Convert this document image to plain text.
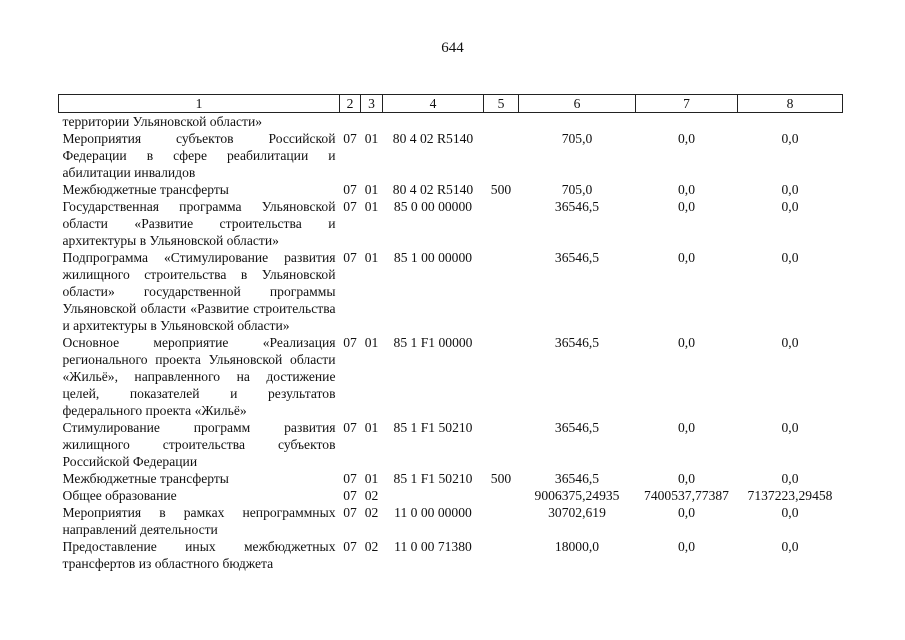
644
1	2	3	4	5	6	7	8
территории Ульяновской области»							
Мероприятия субъектов Российской Федерации в сфере реабилитации и абилитации инвалидов	07	01	80 4 02 R5140		705,0	0,0	0,0
Межбюджетные трансферты	07	01	80 4 02 R5140	500	705,0	0,0	0,0
Государственная программа Ульяновской области «Развитие строительства и архитектуры в Ульяновской области»	07	01	85 0 00 00000		36546,5	0,0	0,0
Подпрограмма «Стимулирование развития жилищного строительства в Ульяновской области» государственной программы Ульяновской области «Развитие строительства и архитектуры в Ульяновской области»	07	01	85 1 00 00000		36546,5	0,0	0,0
Основное мероприятие «Реализация регионального проекта Ульяновской области «Жильё», направленного на достижение целей, показателей и результатов федерального проекта «Жильё»	07	01	85 1 F1 00000		36546,5	0,0	0,0
Стимулирование программ развития жилищного строительства субъектов Российской Федерации	07	01	85 1 F1 50210		36546,5	0,0	0,0
Межбюджетные трансферты	07	01	85 1 F1 50210	500	36546,5	0,0	0,0
Общее образование	07	02			9006375,24935	7400537,77387	7137223,29458
Мероприятия в рамках непрограммных направлений деятельности	07	02	11 0 00 00000		30702,619	0,0	0,0
Предоставление иных межбюджетных трансфертов из областного бюджета	07	02	11 0 00 71380		18000,0	0,0	0,0
